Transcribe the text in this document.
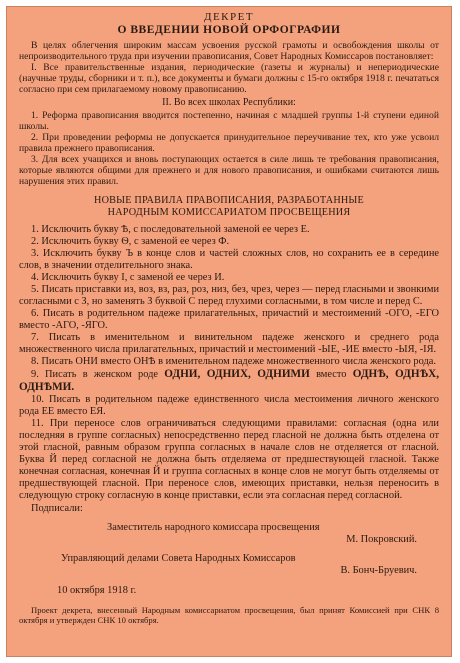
ДЕКРЕТ
О ВВЕДЕНИИ НОВОЙ ОРФОГРАФИИ

В целях облегчения широким массам усвоения русской грамоты и освобождения школы от непроизводительного труда при изучении правописания, Совет Народных Комиссаров постановляет:

I. Все правительственные издания, периодические (газеты и журналы) и непериодические (научные труды, сборники и т. п.), все документы и бумаги должны с 15-го октября 1918 г. печататься согласно при сем прилагаемому новому правописанию.

II. Во всех школах Республики:

1. Реформа правописания вводится постепенно, начиная с младшей группы 1-й ступени единой школы.

2. При проведении реформы не допускается принудительное переучивание тех, кто уже усвоил правила прежнего правописания.

3. Для всех учащихся и вновь поступающих остается в силе лишь те требования правописания, которые являются общими для прежнего и для нового правописания, и ошибками считаются лишь нарушения этих правил.

НОВЫЕ ПРАВИЛА ПРАВОПИСАНИЯ, РАЗРАБОТАННЫЕ
НАРОДНЫМ КОМИССАРИАТОМ ПРОСВЕЩЕНИЯ

1. Исключить букву Ѣ, с последовательной заменой ее через Е.

2. Исключить букву Ѳ, с заменой ее через Ф.

3. Исключить букву Ъ в конце слов и частей сложных слов, но сохранить ее в середине слов, в значении отделительного знака.

4. Исключить букву І, с заменой ее через И.

5. Писать приставки из, воз, вз, раз, роз, низ, без, чрез, через — перед гласными и звонкими согласными с З, но заменять З буквой С перед глухими согласными, в том числе и перед С.

6. Писать в родительном падеже прилагательных, причастий и местоимений -ОГО, -ЕГО вместо -АГО, -ЯГО.

7. Писать в именительном и винительном падеже женского и среднего рода множественного числа прилагательных, причастий и местоимений -ЫЕ, -ИЕ вместо -ЫЯ, -ІЯ.

8. Писать ОНИ вместо ОНѢ в именительном падеже множественного числа женского рода.

9. Писать в женском роде ОДНИ, ОДНИХ, ОДНИМИ вместо ОДНѢ, ОДНѢХ, ОДНѢМИ.

10. Писать в родительном падеже единственного числа местоимения личного женского рода ЕЕ вместо ЕЯ.

11. При переносе слов ограничиваться следующими правилами: согласная (одна или последняя в группе согласных) непосредственно перед гласной не должна быть отделена от этой гласной, равным образом группа согласных в начале слов не отделяется от гласной. Буква Й перед согласной не должна быть отделяема от предшествующей гласной. Также конечная согласная, конечная Й и группа согласных в конце слов не могут быть отделяемы от предшествующей гласной. При переносе слов, имеющих приставки, нельзя переносить в следующую строку согласную в конце приставки, если эта согласная перед согласной.

Подписали:

Заместитель народного комиссара просвещения
М. Покровский.
Управляющий делами Совета Народных Комиссаров
В. Бонч-Бруевич.
10 октября 1918 г.

Проект декрета, внесенный Народным комиссариатом просвещения, был принят Комиссией при СНК 8 октября и утвержден СНК 10 октября.
